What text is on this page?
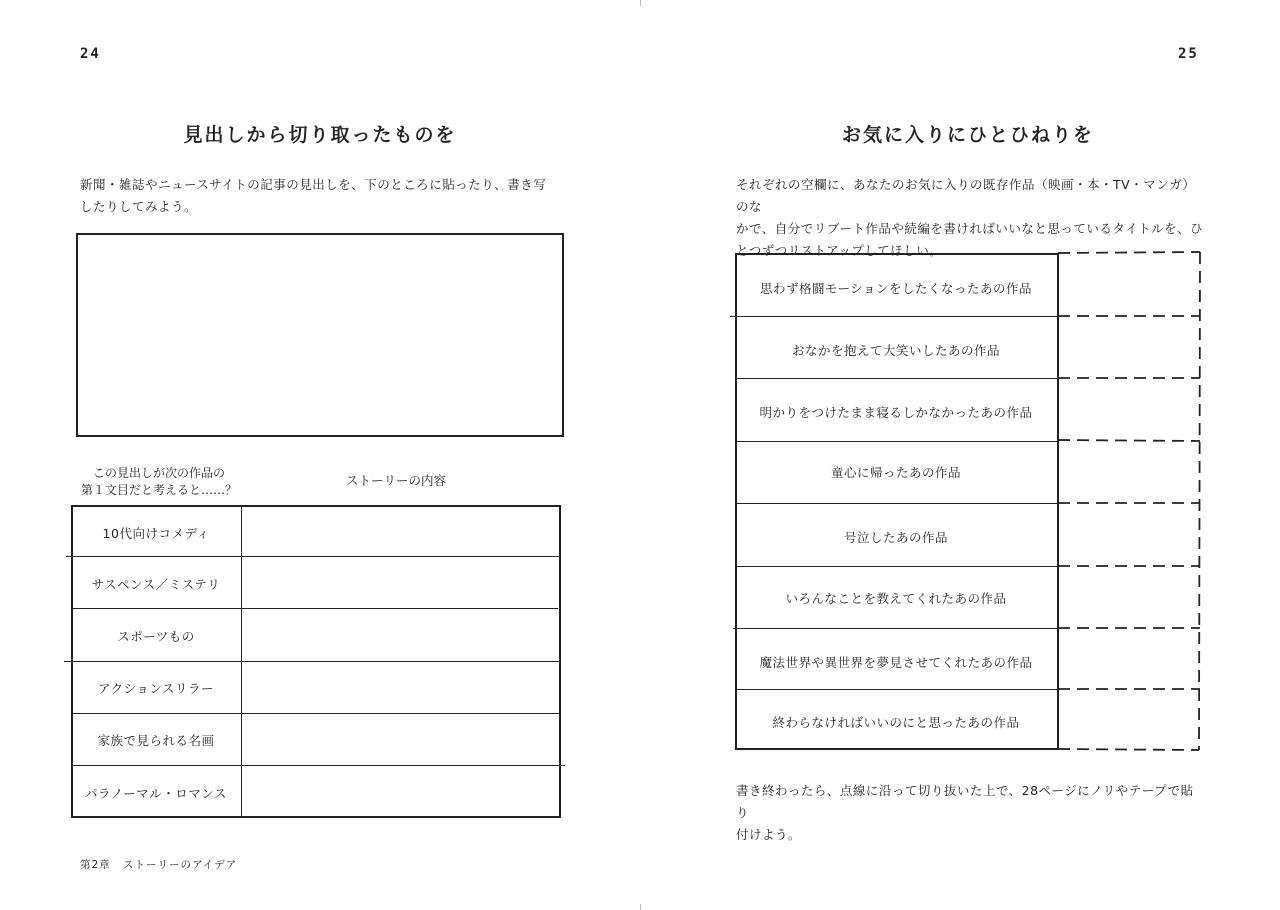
24
見出しから切り取ったものを
新聞・雑誌やニュースサイトの記事の見出しを、下のところに貼ったり、書き写
したりしてみよう。
この見出しが次の作品の
第１文目だと考えると……？
ストーリーの内容
10代向けコメディ
サスペンス／ミステリ
スポーツもの
アクションスリラー
家族で見られる名画
パラノーマル・ロマンス
第2章 ストーリーのアイデア
25
お気に入りにひとひねりを
それぞれの空欄に、あなたのお気に入りの既存作品（映画・本・TV・マンガ）のな
かで、自分でリブート作品や続編を書ければいいなと思っているタイトルを、ひ
とつずつリストアップしてほしい。
思わず格闘モーションをしたくなったあの作品
おなかを抱えて大笑いしたあの作品
明かりをつけたまま寝るしかなかったあの作品
童心に帰ったあの作品
号泣したあの作品
いろんなことを教えてくれたあの作品
魔法世界や異世界を夢見させてくれたあの作品
終わらなければいいのにと思ったあの作品
書き終わったら、点線に沿って切り抜いた上で、28ページにノリやテープで貼り
付けよう。
